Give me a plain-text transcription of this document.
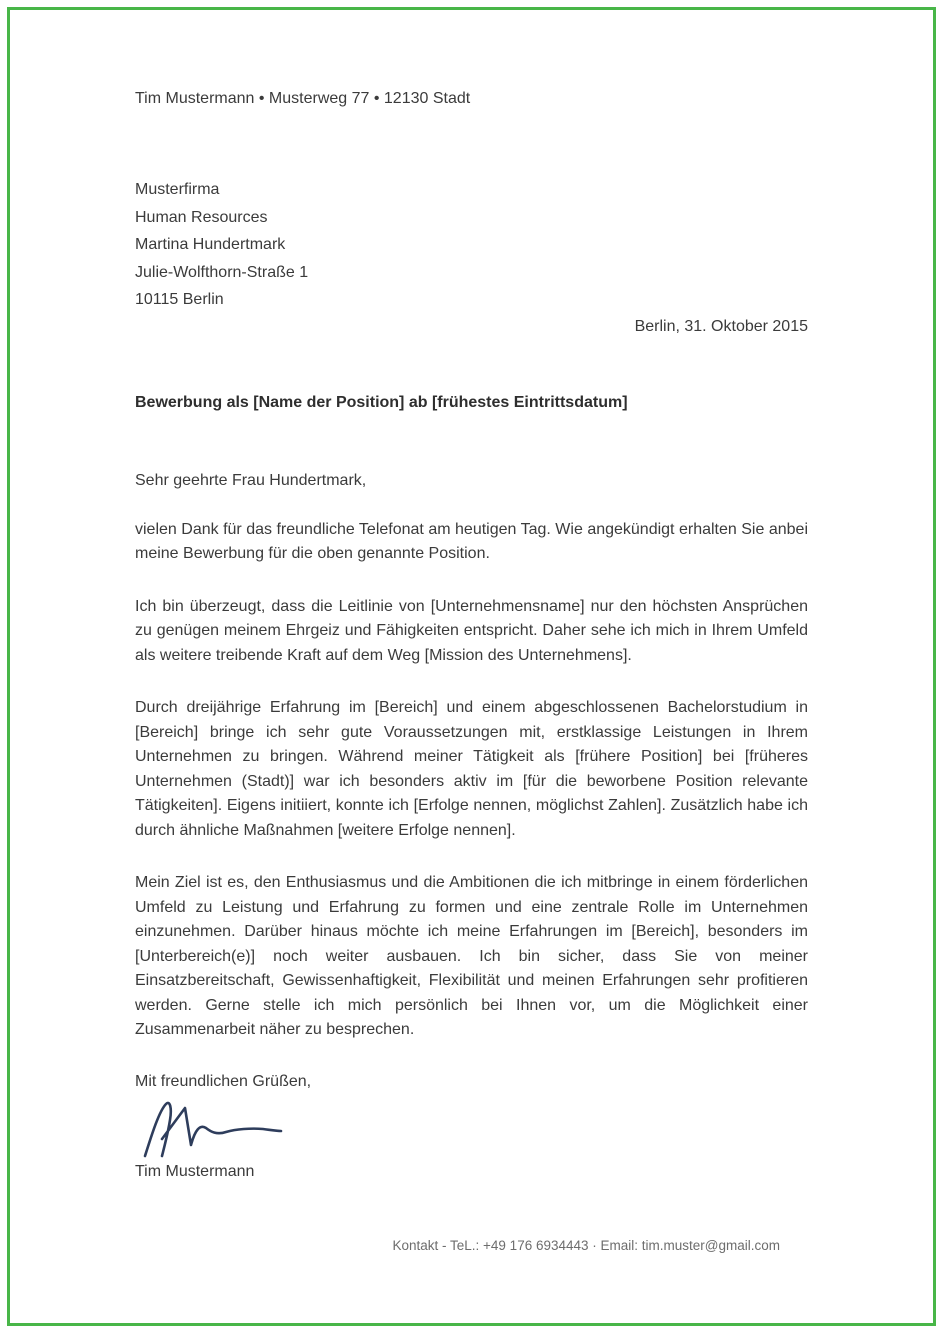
Tim Mustermann • Musterweg 77 • 12130 Stadt

Musterfirma
Human Resources
Martina Hundertmark
Julie-Wolfthorn-Straße 1
10115 Berlin

Berlin, 31. Oktober 2015

Bewerbung als [Name der Position] ab [frühestes Eintrittsdatum]

Sehr geehrte Frau Hundertmark,

vielen Dank für das freundliche Telefonat am heutigen Tag. Wie angekündigt erhalten Sie anbei meine Bewerbung für die oben genannte Position.

Ich bin überzeugt, dass die Leitlinie von [Unternehmensname] nur den höchsten Ansprüchen zu genügen meinem Ehrgeiz und Fähigkeiten entspricht. Daher sehe ich mich in Ihrem Umfeld als weitere treibende Kraft auf dem Weg [Mission des Unternehmens].

Durch dreijährige Erfahrung im [Bereich] und einem abgeschlossenen Bachelorstudium in [Bereich] bringe ich sehr gute Voraussetzungen mit, erstklassige Leistungen in Ihrem Unternehmen zu bringen. Während meiner Tätigkeit als [frühere Position] bei [früheres Unternehmen (Stadt)] war ich besonders aktiv im [für die beworbene Position relevante Tätigkeiten]. Eigens initiiert, konnte ich [Erfolge nennen, möglichst Zahlen]. Zusätzlich habe ich durch ähnliche Maßnahmen [weitere Erfolge nennen].

Mein Ziel ist es, den Enthusiasmus und die Ambitionen die ich mitbringe in einem förderlichen Umfeld zu Leistung und Erfahrung zu formen und eine zentrale Rolle im Unternehmen einzunehmen. Darüber hinaus möchte ich meine Erfahrungen im [Bereich], besonders im [Unterbereich(e)] noch weiter ausbauen. Ich bin sicher, dass Sie von meiner Einsatzbereitschaft, Gewissenhaftigkeit, Flexibilität und meinen Erfahrungen sehr profitieren werden. Gerne stelle ich mich persönlich bei Ihnen vor, um die Möglichkeit einer Zusammenarbeit näher zu besprechen.

Mit freundlichen Grüßen,

Tim Mustermann

Kontakt - TeL.: +49 176 6934443 · Email: tim.muster@gmail.com
